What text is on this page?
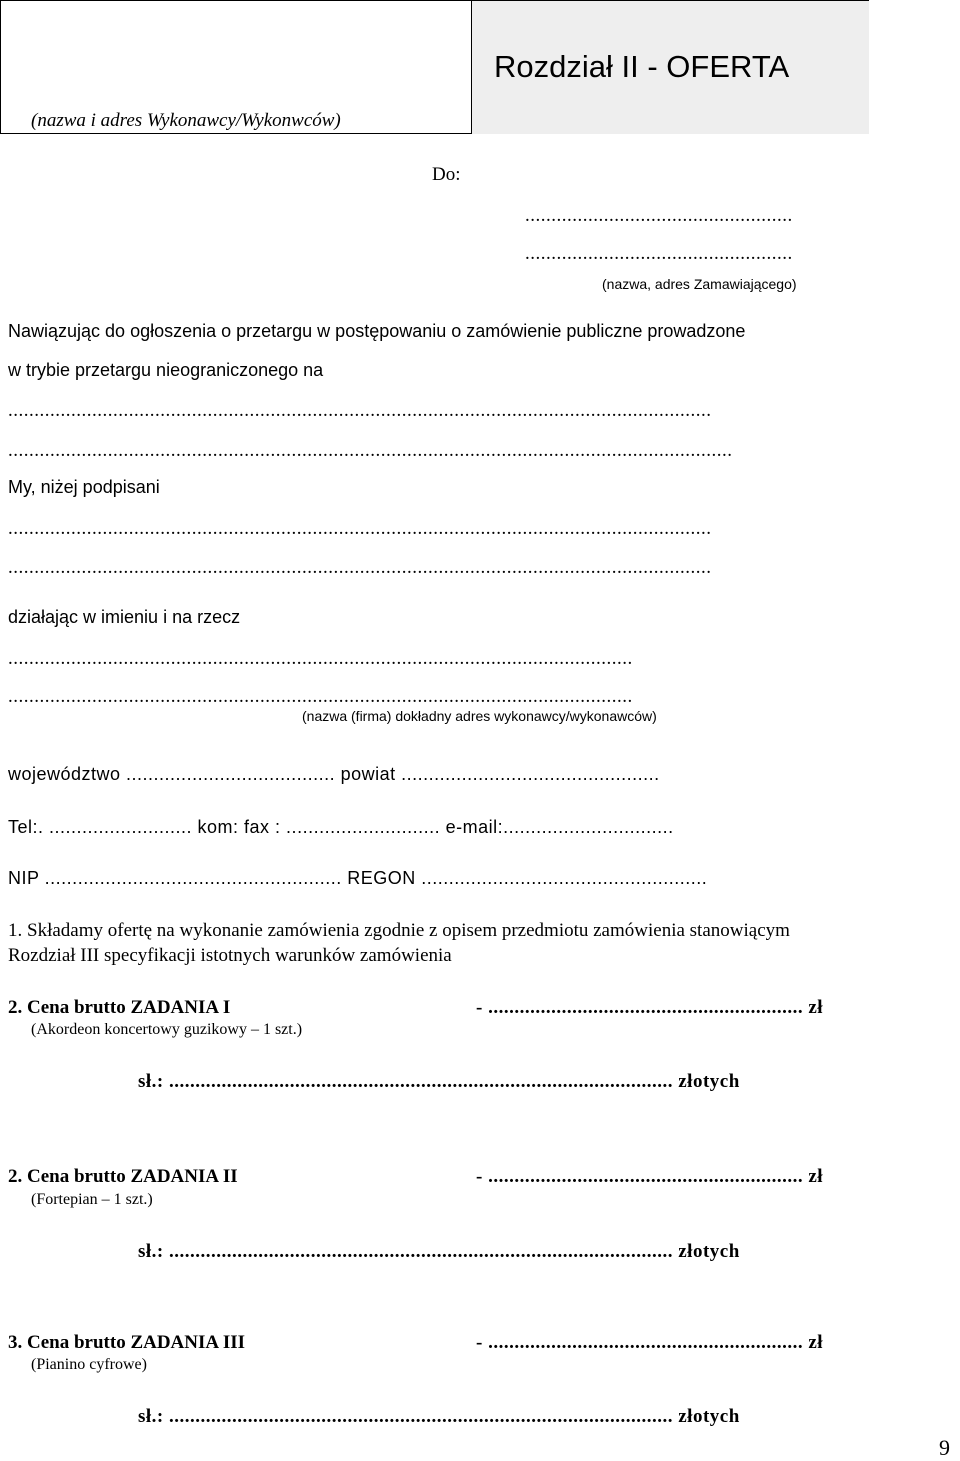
(nazwa i adres Wykonawcy/Wykonwców)
Rozdział II - OFERTA
Do:
...................................................
...................................................
(nazwa, adres Zamawiającego)
Nawiązując do ogłoszenia o przetargu w postępowaniu o zamówienie publiczne prowadzone
w trybie przetargu nieograniczonego na
......................................................................................................................................
..........................................................................................................................................
My, niżej podpisani
......................................................................................................................................
......................................................................................................................................
działając w imieniu i na rzecz
.......................................................................................................................
.......................................................................................................................
(nazwa (firma) dokładny adres wykonawcy/wykonawców)
województwo ...................................... powiat ...............................................
Tel:. .......................... kom: fax : ............................ e-mail:...............................
NIP ...................................................... REGON ....................................................
1. Składamy ofertę na wykonanie zamówienia zgodnie z opisem przedmiotu zamówienia stanowiącym
Rozdział III specyfikacji istotnych warunków zamówienia
2. Cena brutto ZADANIA I	- ............................................................ zł
(Akordeon koncertowy guzikowy – 1 szt.)
sł.: ................................................................................................ złotych
2. Cena brutto ZADANIA II	- ............................................................ zł
(Fortepian – 1 szt.)
sł.: ................................................................................................ złotych
3. Cena brutto ZADANIA III	- ............................................................ zł
(Pianino cyfrowe)
sł.: ................................................................................................ złotych
9
